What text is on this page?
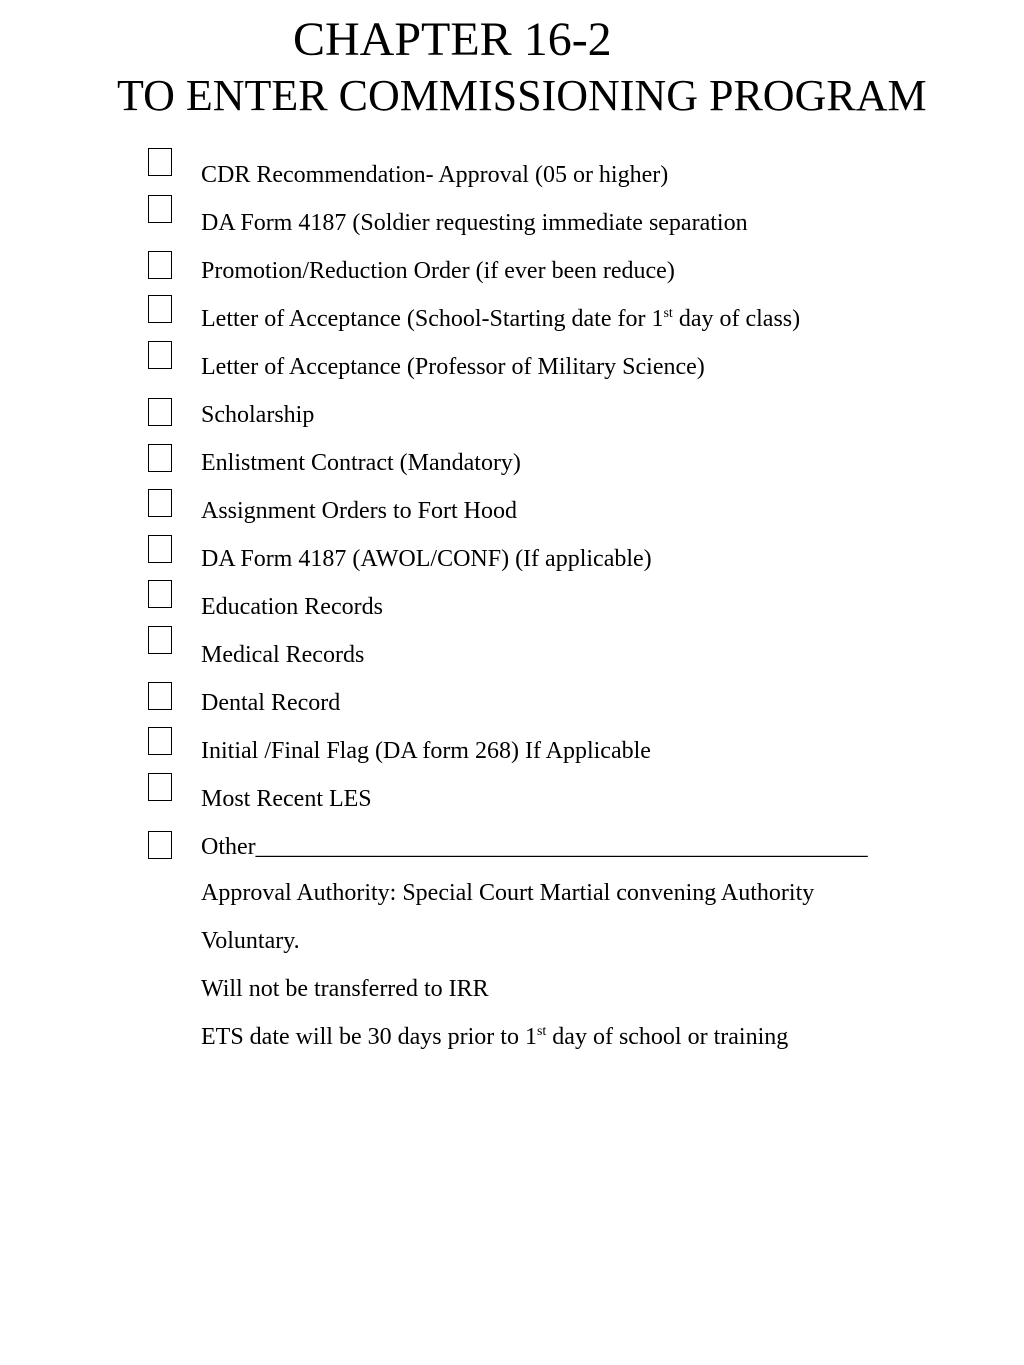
CHAPTER 16-2
TO ENTER COMMISSIONING PROGRAM
CDR Recommendation- Approval (05 or higher)
DA Form 4187 (Soldier requesting immediate separation
Promotion/Reduction Order (if ever been reduce)
Letter of Acceptance (School-Starting date for 1st day of class)
Letter of Acceptance (Professor of Military Science)
Scholarship
Enlistment Contract (Mandatory)
Assignment Orders to Fort Hood
DA Form 4187 (AWOL/CONF) (If applicable)
Education Records
Medical Records
Dental Record
Initial /Final Flag (DA form 268) If Applicable
Most Recent LES
Other___________________________________________________
Approval Authority: Special Court Martial convening Authority
Voluntary.
Will not be transferred to IRR
ETS date will be 30 days prior to 1st day of school or training
